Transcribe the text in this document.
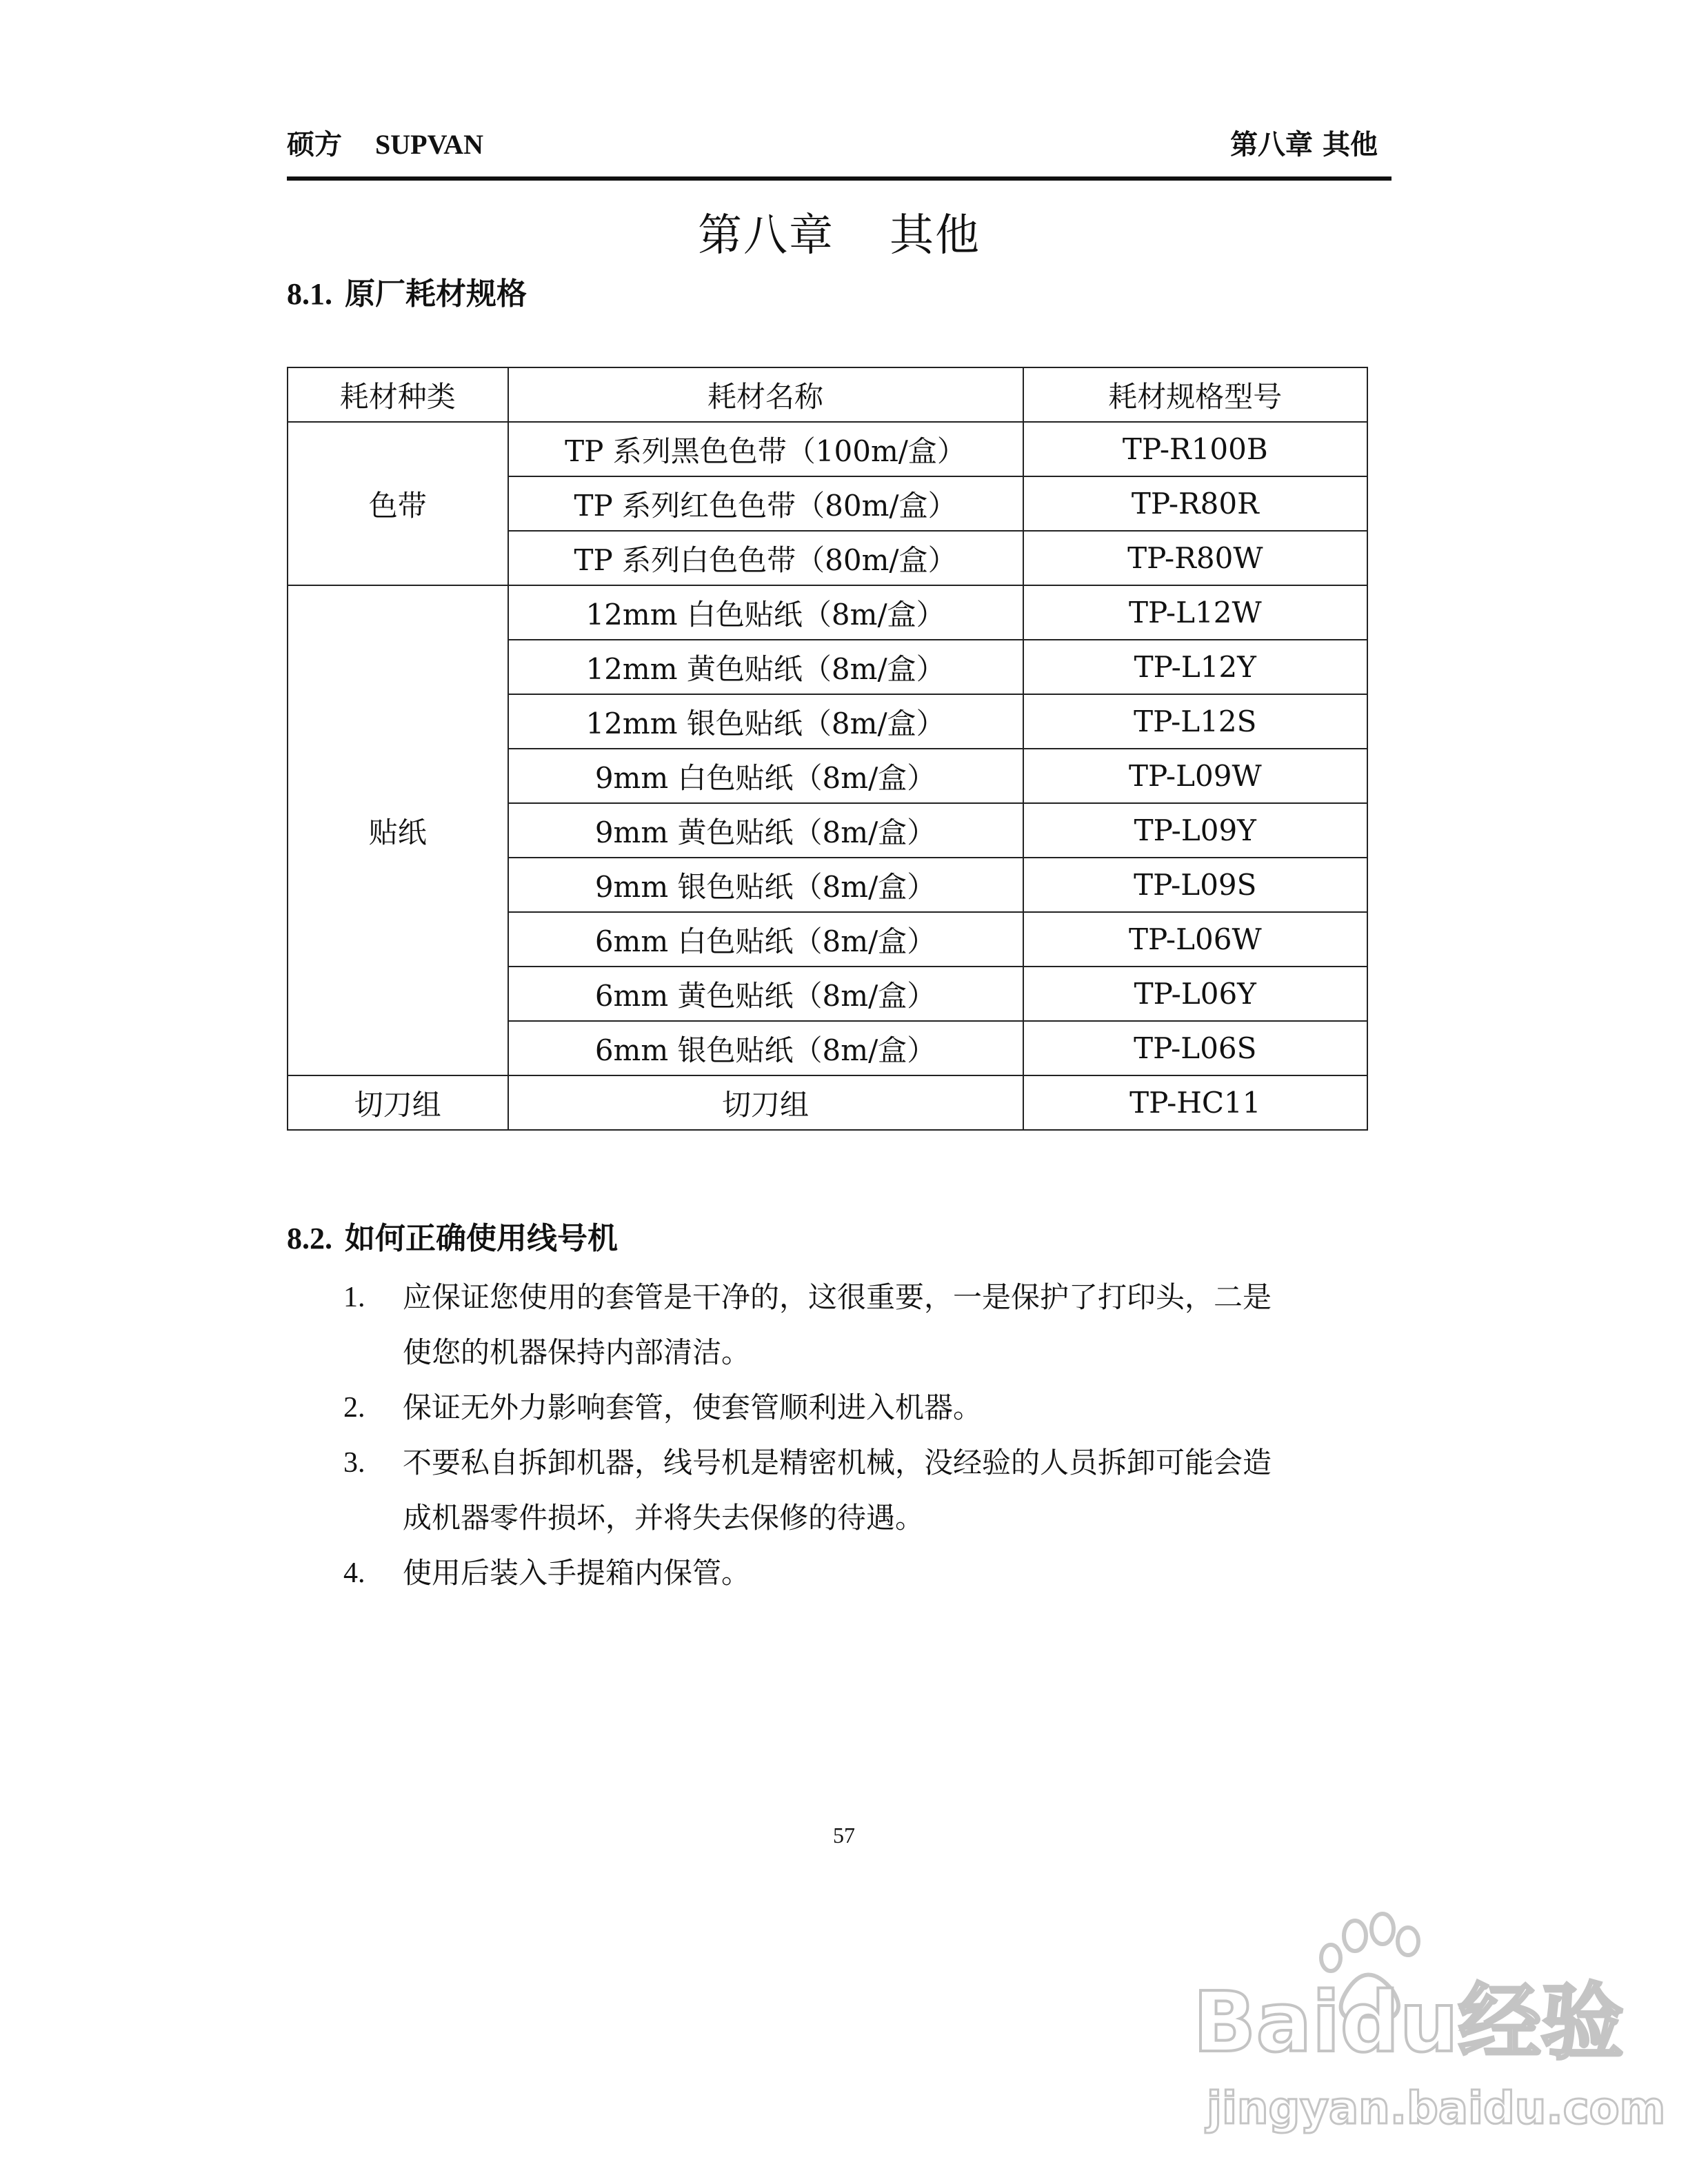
硕方 SUPVAN	第八章 其他
第八章 其他
8.1. 原厂耗材规格
耗材种类	耗材名称	耗材规格型号
色带	TP 系列黑色色带（100m/盒）	TP-R100B
	TP 系列红色色带（80m/盒）	TP-R80R
	TP 系列白色色带（80m/盒）	TP-R80W
贴纸	12mm 白色贴纸（8m/盒）	TP-L12W
	12mm 黄色贴纸（8m/盒）	TP-L12Y
	12mm 银色贴纸（8m/盒）	TP-L12S
	9mm 白色贴纸（8m/盒）	TP-L09W
	9mm 黄色贴纸（8m/盒）	TP-L09Y
	9mm 银色贴纸（8m/盒）	TP-L09S
	6mm 白色贴纸（8m/盒）	TP-L06W
	6mm 黄色贴纸（8m/盒）	TP-L06Y
	6mm 银色贴纸（8m/盒）	TP-L06S
切刀组	切刀组	TP-HC11
8.2. 如何正确使用线号机
1. 应保证您使用的套管是干净的，这很重要，一是保护了打印头，二是
使您的机器保持内部清洁。
2. 保证无外力影响套管，使套管顺利进入机器。
3. 不要私自拆卸机器，线号机是精密机械，没经验的人员拆卸可能会造
成机器零件损坏，并将失去保修的待遇。
4. 使用后装入手提箱内保管。
57
Baidu经验
jingyan.baidu.com
